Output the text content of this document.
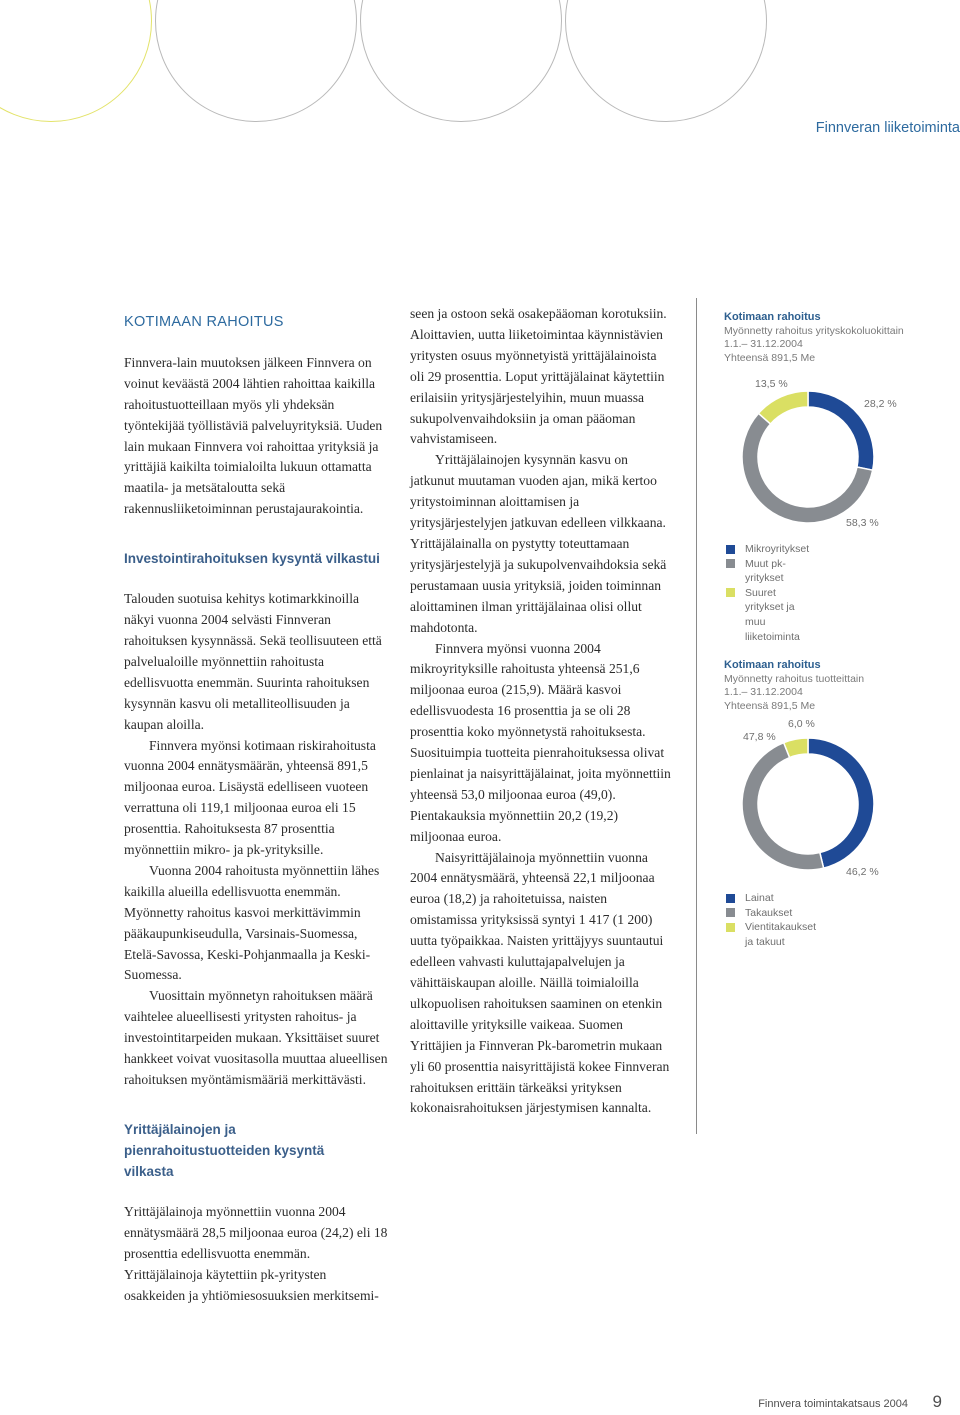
Finnveran liiketoiminta

KOTIMAAN RAHOITUS

Finnvera-lain muutoksen jälkeen Finnvera on voinut keväästä 2004 lähtien rahoittaa kaikilla rahoitustuotteillaan myös yli yhdeksän työntekijää työllistäviä palveluyrityksiä. Uuden lain mukaan Finnvera voi rahoittaa yrityksiä ja yrittäjiä kaikilta toimialoilta lukuun ottamatta maatila- ja metsätaloutta sekä rakennusliiketoiminnan perustajaurakointia.

Investointirahoituksen kysyntä vilkastui

Talouden suotuisa kehitys kotimarkkinoilla näkyi vuonna 2004 selvästi Finnveran rahoituksen kysynnässä. Sekä teollisuuteen että palvelualoille myönnettiin rahoitusta edellisvuotta enemmän. Suurinta rahoituksen kysynnän kasvu oli metalliteollisuuden ja kaupan aloilla.

Finnvera myönsi kotimaan riskirahoitusta vuonna 2004 ennätysmäärän, yhteensä 891,5 miljoonaa euroa. Lisäystä edelliseen vuoteen verrattuna oli 119,1 miljoonaa euroa eli 15 prosenttia. Rahoituksesta 87 prosenttia myönnettiin mikro- ja pk-yrityksille.

Vuonna 2004 rahoitusta myönnettiin lähes kaikilla alueilla edellisvuotta enemmän. Myönnetty rahoitus kasvoi merkittävimmin pääkaupunkiseudulla, Varsinais-Suomessa, Etelä-Savossa, Keski-Pohjanmaalla ja Keski-Suomessa.

Vuosittain myönnetyn rahoituksen määrä vaihtelee alueellisesti yritysten rahoitus- ja investointitarpeiden mukaan. Yksittäiset suuret hankkeet voivat vuositasolla muuttaa alueellisen rahoituksen myöntämismääriä merkittävästi.

Yrittäjälainojen ja pienrahoitustuotteiden kysyntä vilkasta

Yrittäjälainoja myönnettiin vuonna 2004 ennätysmäärä 28,5 miljoonaa euroa (24,2) eli 18 prosenttia edellisvuotta enemmän. Yrittäjälainoja käytettiin pk-yritysten osakkeiden ja yhtiömiesosuuksien merkitsemi-

seen ja ostoon sekä osakepääoman korotuksiin. Aloittavien, uutta liiketoimintaa käynnistävien yritysten osuus myönnetyistä yrittäjälainoista oli 29 prosenttia. Loput yrittäjälainat käytettiin erilaisiin yritysjärjestelyihin, muun muassa sukupolvenvaihdoksiin ja oman pääoman vahvistamiseen.

Yrittäjälainojen kysynnän kasvu on jatkunut muutaman vuoden ajan, mikä kertoo yritystoiminnan aloittamisen ja yritysjärjestelyjen jatkuvan edelleen vilkkaana. Yrittäjälainalla on pystytty toteuttamaan yritysjärjestelyjä ja sukupolvenvaihdoksia sekä perustamaan uusia yrityksiä, joiden toiminnan aloittaminen ilman yrittäjälainaa olisi ollut mahdotonta.

Finnvera myönsi vuonna 2004 mikroyrityksille rahoitusta yhteensä 251,6 miljoonaa euroa (215,9). Määrä kasvoi edellisvuodesta 16 prosenttia ja se oli 28 prosenttia koko myönnetystä rahoituksesta. Suosituimpia tuotteita pienrahoituksessa olivat pienlainat ja naisyrittäjälainat, joita myönnettiin yhteensä 53,0 miljoonaa euroa (49,0). Pientakauksia myönnettiin 20,2 (19,2) miljoonaa euroa.

Naisyrittäjälainoja myönnettiin vuonna 2004 ennätysmäärä, yhteensä 22,1 miljoonaa euroa (18,2) ja rahoitetuissa, naisten omistamissa yrityksissä syntyi 1 417 (1 200) uutta työpaikkaa. Naisten yrittäjyys suuntautui edelleen vahvasti kuluttajapalvelujen ja vähittäiskaupan aloille. Näillä toimialoilla ulkopuolisen rahoituksen saaminen on etenkin aloittaville yrityksille vaikeaa. Suomen Yrittäjien ja Finnveran Pk-barometrin mukaan yli 60 prosenttia naisyrittäjistä kokee Finnveran rahoituksen erittäin tärkeäksi yrityksen kokonaisrahoituksen järjestymisen kannalta.

Kotimaan rahoitus
Myönnetty rahoitus yrityskokoluokittain
1.1.– 31.12.2004
Yhteensä 891,5 Me
13,5 %
28,2 %
58,3 %
Mikroyritykset
Muut pk-yritykset
Suuret yritykset ja
muu liiketoiminta
Kotimaan rahoitus
Myönnetty rahoitus tuotteittain
1.1.– 31.12.2004
Yhteensä 891,5 Me
6,0 %
47,8 %
46,2 %
Lainat
Takaukset
Vientitakaukset ja takuut
Finnvera toimintakatsaus 2004 9
